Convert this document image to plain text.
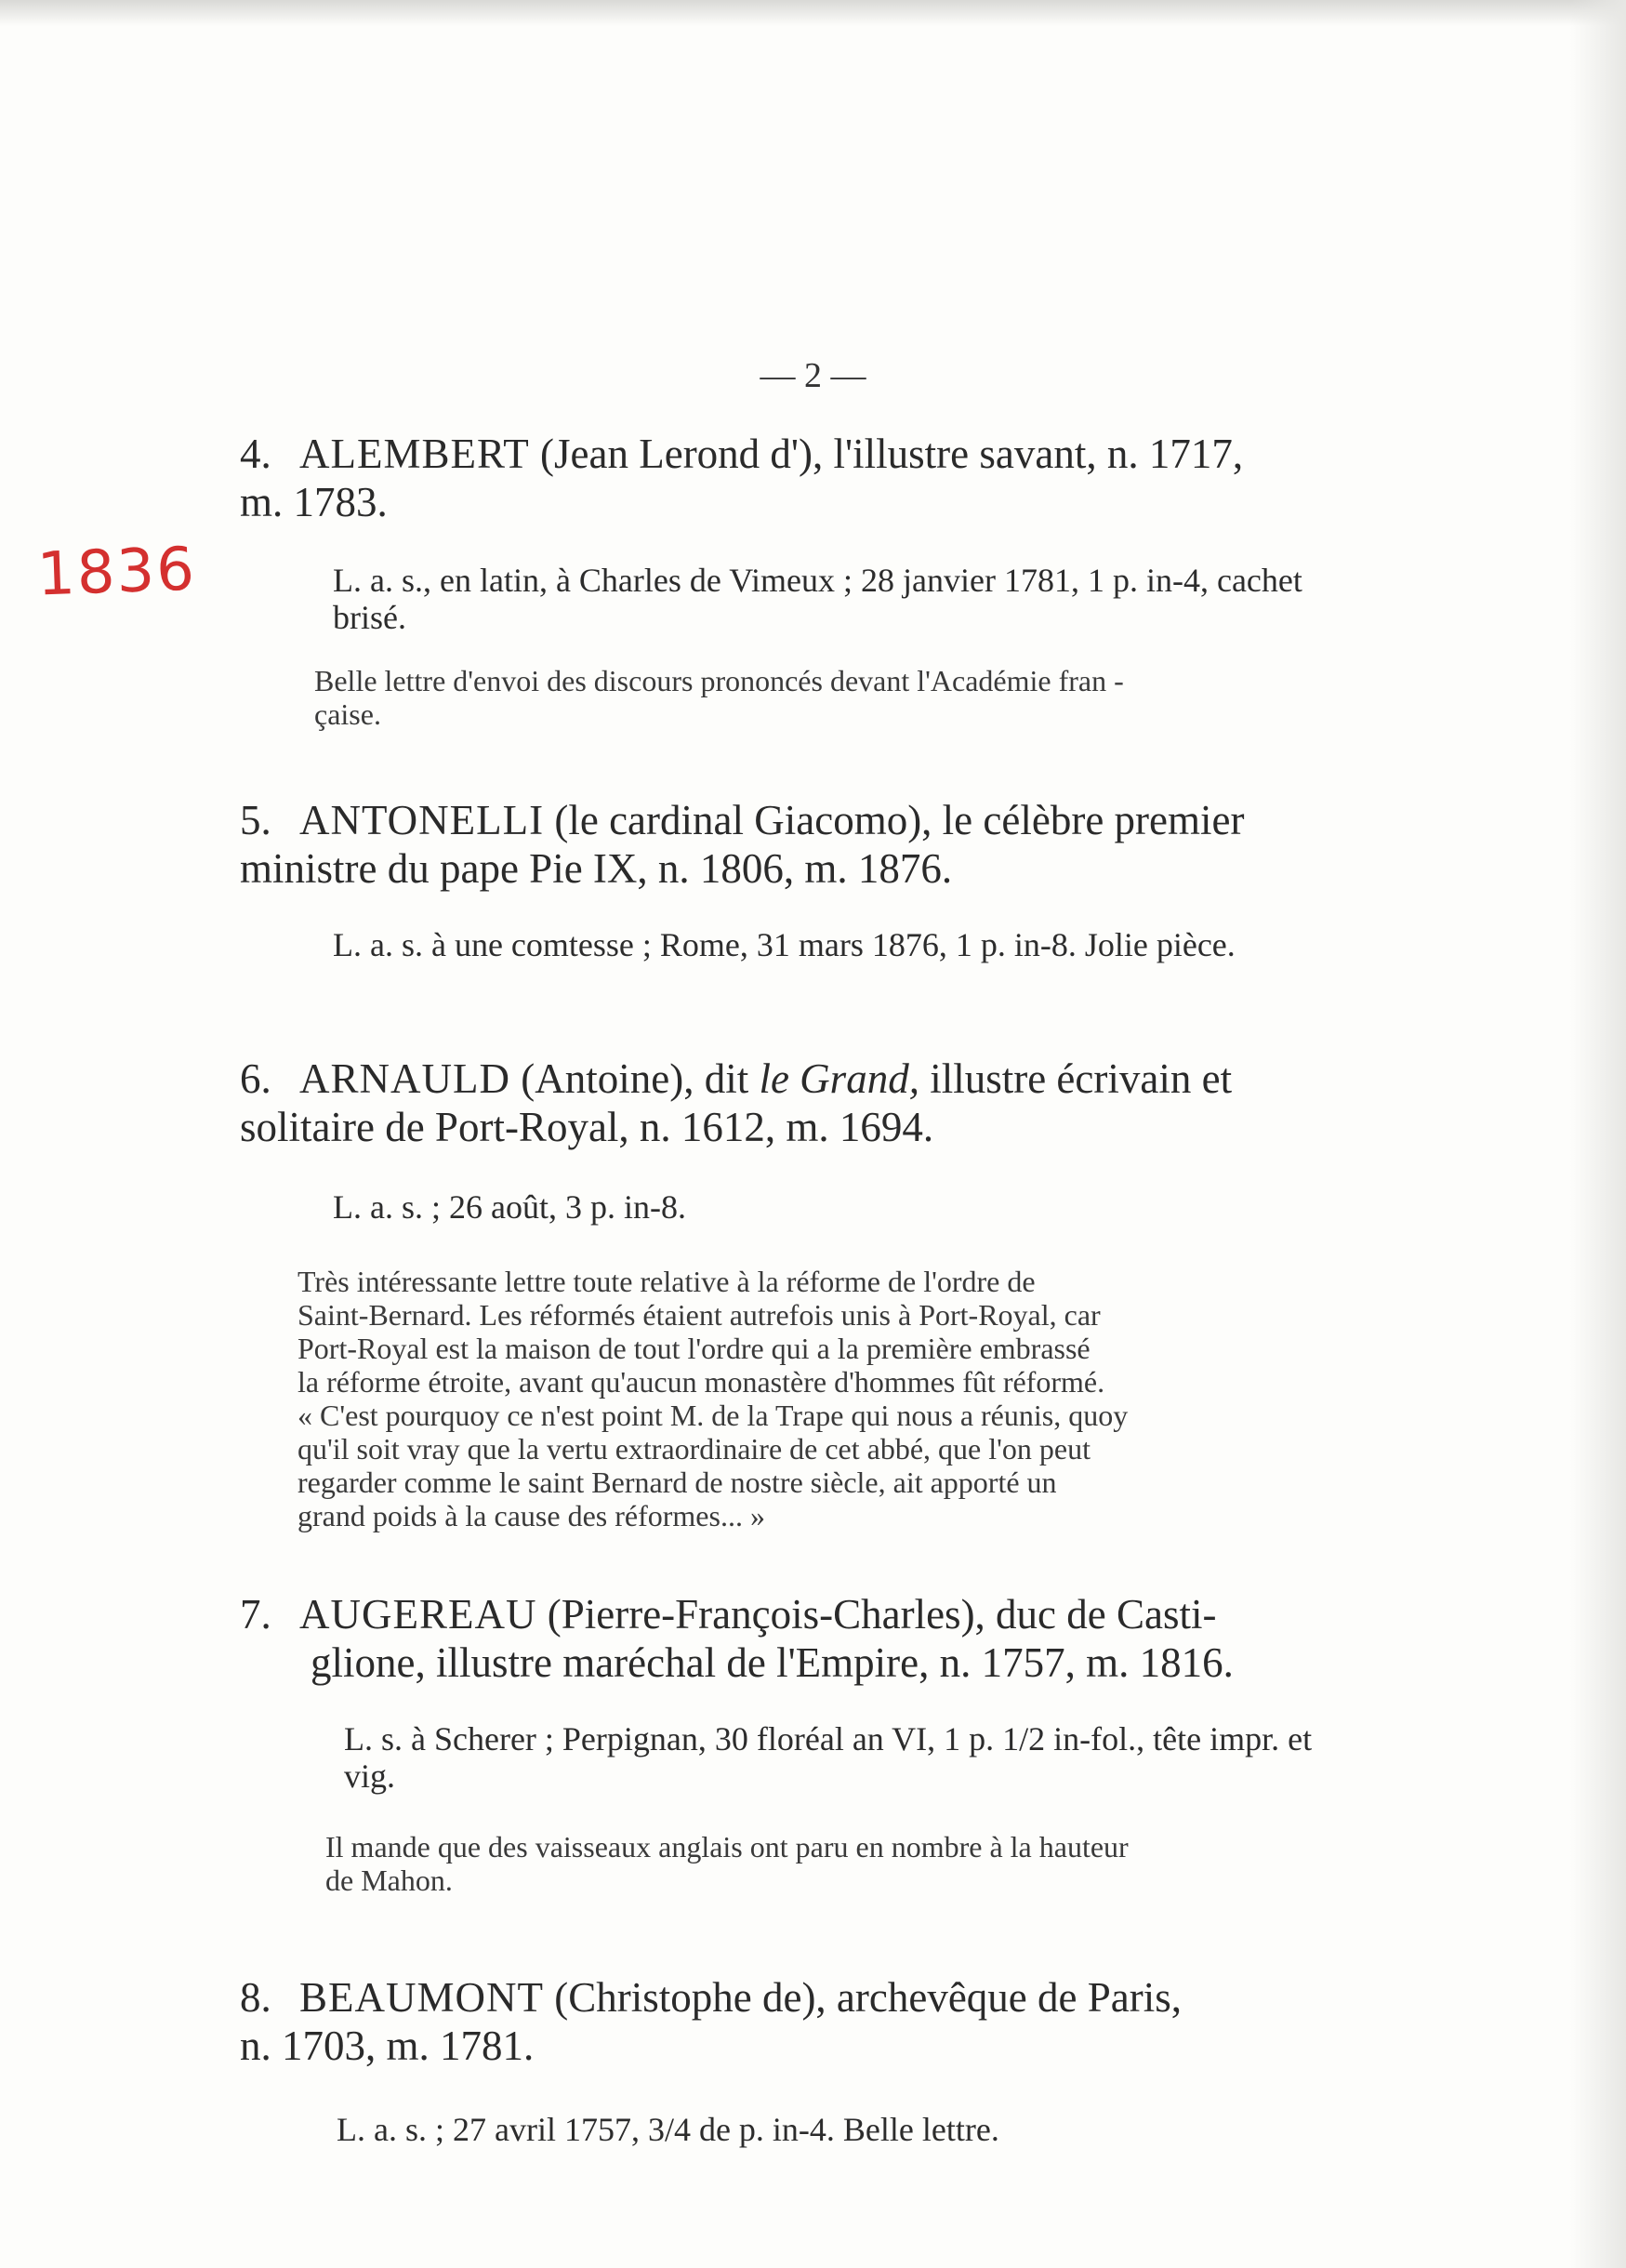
1836
— 2 —
4. ALEMBERT (Jean Lerond d'), l'illustre savant, n. 1717,
m. 1783.
L. a. s., en latin, à Charles de Vimeux ; 28 janvier 1781, 1 p. in-4, cachet brisé.
Belle lettre d'envoi des discours prononcés devant l'Académie fran -
çaise.
5. ANTONELLI (le cardinal Giacomo), le célèbre premier
ministre du pape Pie IX, n. 1806, m. 1876.
L. a. s. à une comtesse ; Rome, 31 mars 1876, 1 p. in-8. Jolie pièce.
6. ARNAULD (Antoine), dit le Grand, illustre écrivain et
solitaire de Port-Royal, n. 1612, m. 1694.
L. a. s. ; 26 août, 3 p. in-8.
Très intéressante lettre toute relative à la réforme de l'ordre de
Saint-Bernard. Les réformés étaient autrefois unis à Port-Royal, car
Port-Royal est la maison de tout l'ordre qui a la première embrassé
la réforme étroite, avant qu'aucun monastère d'hommes fût réformé.
« C'est pourquoy ce n'est point M. de la Trape qui nous a réunis, quoy
qu'il soit vray que la vertu extraordinaire de cet abbé, que l'on peut
regarder comme le saint Bernard de nostre siècle, ait apporté un
grand poids à la cause des réformes... »
7. AUGEREAU (Pierre-François-Charles), duc de Casti-
glione, illustre maréchal de l'Empire, n. 1757, m. 1816.
L. s. à Scherer ; Perpignan, 30 floréal an VI, 1 p. 1/2 in-fol., tête impr. et vig.
Il mande que des vaisseaux anglais ont paru en nombre à la hauteur
de Mahon.
8. BEAUMONT (Christophe de), archevêque de Paris,
n. 1703, m. 1781.
L. a. s. ; 27 avril 1757, 3/4 de p. in-4. Belle lettre.
